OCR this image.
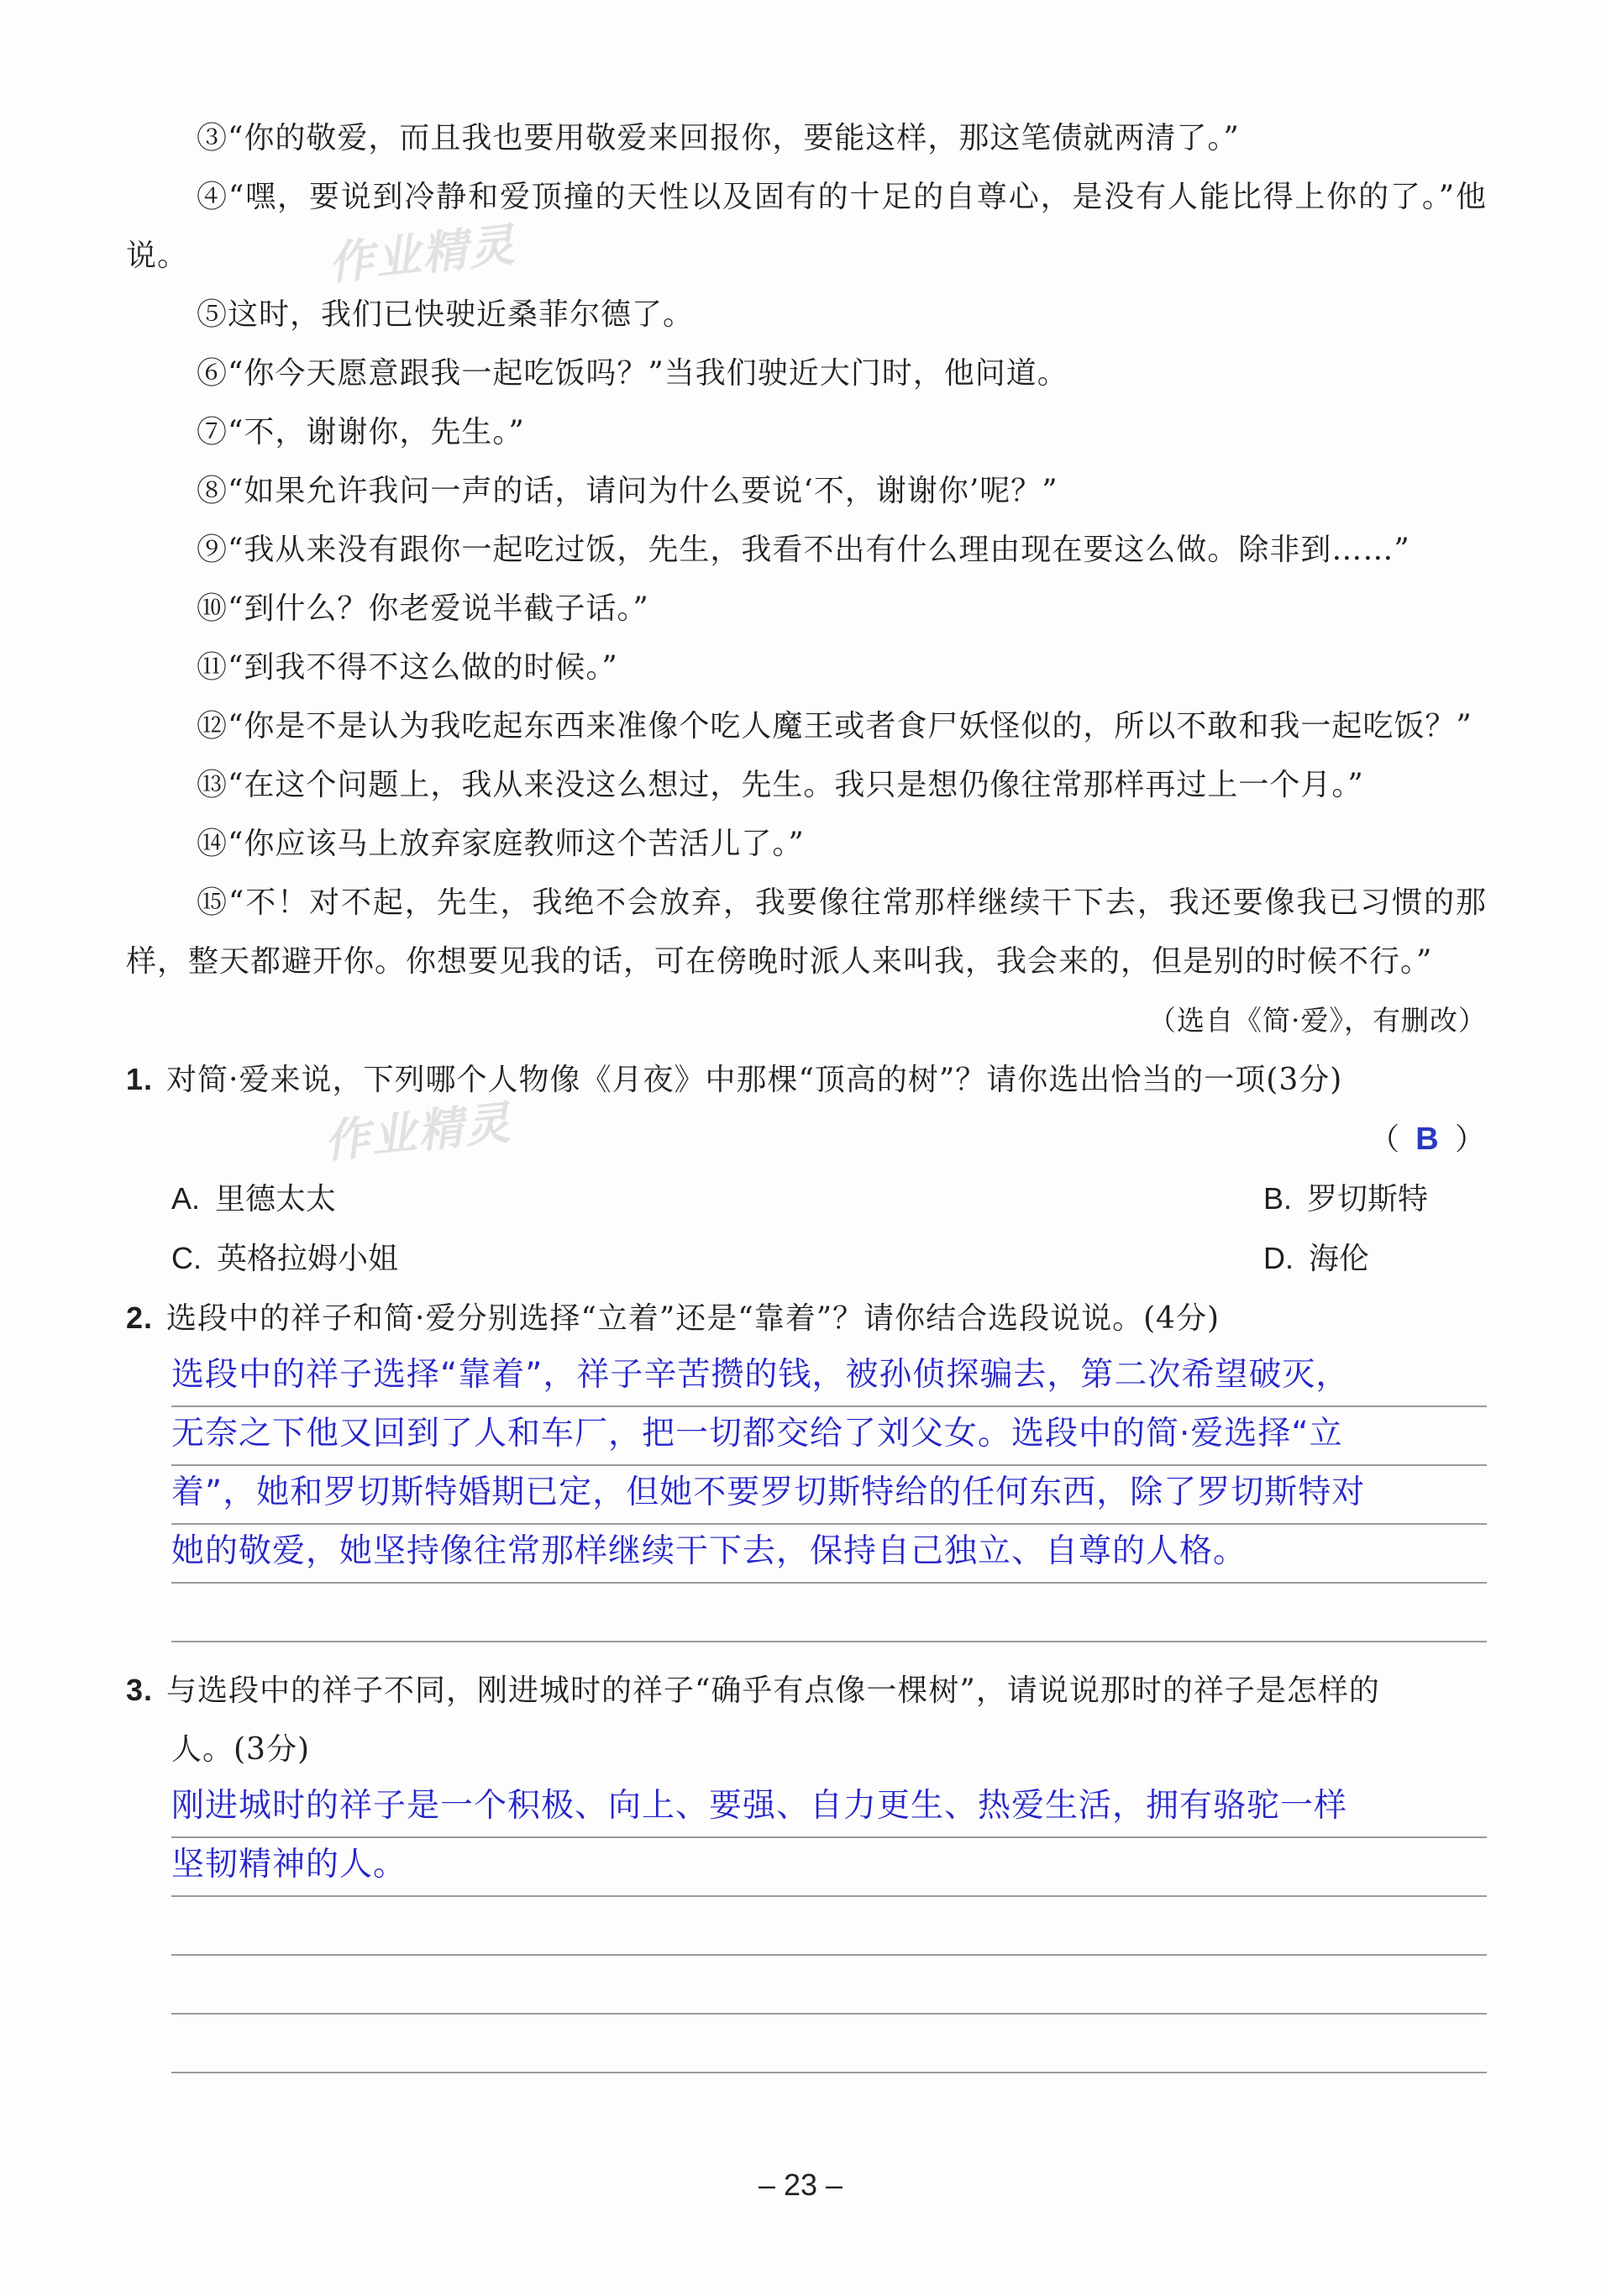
作业精灵
作业精灵

③“你的敬爱，而且我也要用敬爱来回报你，要能这样，那这笔债就两清了。”

④“嘿，要说到冷静和爱顶撞的天性以及固有的十足的自尊心，是没有人能比得上你的了。”他说。

⑤这时，我们已快驶近桑菲尔德了。

⑥“你今天愿意跟我一起吃饭吗？”当我们驶近大门时，他问道。

⑦“不，谢谢你，先生。”

⑧“如果允许我问一声的话，请问为什么要说‘不，谢谢你’呢？”

⑨“我从来没有跟你一起吃过饭，先生，我看不出有什么理由现在要这么做。除非到……”

⑩“到什么？你老爱说半截子话。”

⑪“到我不得不这么做的时候。”

⑫“你是不是认为我吃起东西来准像个吃人魔王或者食尸妖怪似的，所以不敢和我一起吃饭？”

⑬“在这个问题上，我从来没这么想过，先生。我只是想仍像往常那样再过上一个月。”

⑭“你应该马上放弃家庭教师这个苦活儿了。”

⑮“不！对不起，先生，我绝不会放弃，我要像往常那样继续干下去，我还要像我已习惯的那样，整天都避开你。你想要见我的话，可在傍晚时派人来叫我，我会来的，但是别的时候不行。”

（选自《简·爱》，有删改）

1. 对简·爱来说，下列哪个人物像《月夜》中那棵“顶高的树”？请你选出恰当的一项(3分)

（ B ）

A. 里德太太	B. 罗切斯特
C. 英格拉姆小姐	D. 海伦

2. 选段中的祥子和简·爱分别选择“立着”还是“靠着”？请你结合选段说说。(4分)

选段中的祥子选择“靠着”，祥子辛苦攒的钱，被孙侦探骗去，第二次希望破灭，
无奈之下他又回到了人和车厂，把一切都交给了刘父女。选段中的简·爱选择“立
着”，她和罗切斯特婚期已定，但她不要罗切斯特给的任何东西，除了罗切斯特对
她的敬爱，她坚持像往常那样继续干下去，保持自己独立、自尊的人格。

3. 与选段中的祥子不同，刚进城时的祥子“确乎有点像一棵树”，请说说那时的祥子是怎样的

人。(3分)

刚进城时的祥子是一个积极、向上、要强、自力更生、热爱生活，拥有骆驼一样
坚韧精神的人。
– 23 –
